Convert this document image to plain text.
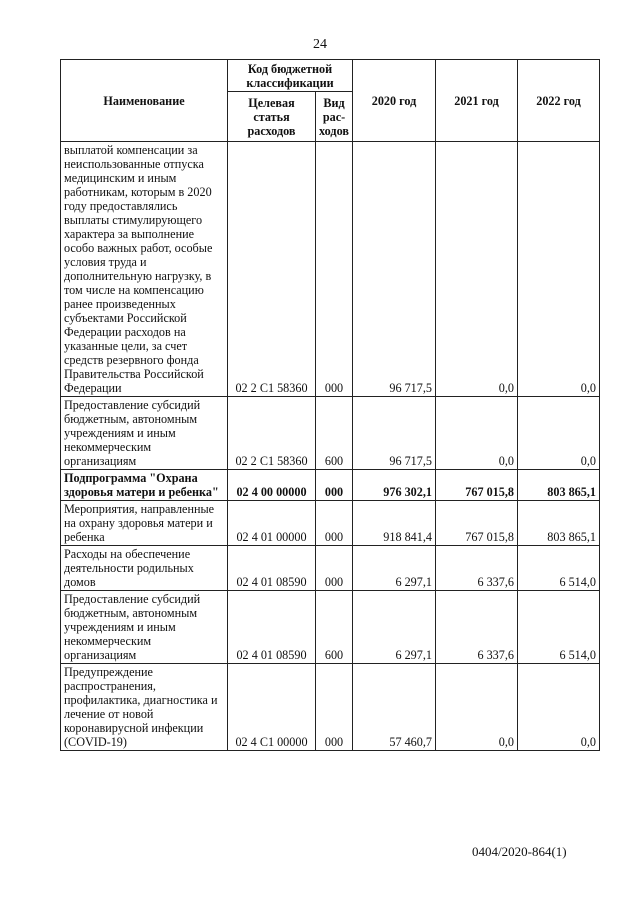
24
Наименование	Код бюджетной классификации		2020 год	2021 год	2022 год
	Целевая статья расходов	Вид рас-ходов			
выплатой компенсации за неиспользованные отпуска медицинским и иным работникам, которым в 2020 году предоставлялись выплаты стимулирующего характера за выполнение особо важных работ, особые условия труда и дополнительную нагрузку, в том числе на компенсацию ранее произведенных субъектами Российской Федерации расходов на указанные цели, за счет средств резервного фонда Правительства Российской Федерации	02 2 C1 58360	000	96 717,5	0,0	0,0
Предоставление субсидий бюджетным, автономным учреждениям и иным некоммерческим организациям	02 2 C1 58360	600	96 717,5	0,0	0,0
Подпрограмма "Охрана здоровья матери и ребенка"	02 4 00 00000	000	976 302,1	767 015,8	803 865,1
Мероприятия, направленные на охрану здоровья матери и ребенка	02 4 01 00000	000	918 841,4	767 015,8	803 865,1
Расходы на обеспечение деятельности родильных домов	02 4 01 08590	000	6 297,1	6 337,6	6 514,0
Предоставление субсидий бюджетным, автономным учреждениям и иным некоммерческим организациям	02 4 01 08590	600	6 297,1	6 337,6	6 514,0
Предупреждение распространения, профилактика, диагностика и лечение от новой коронавирусной инфекции (COVID-19)	02 4 C1 00000	000	57 460,7	0,0	0,0
0404/2020-864(1)
